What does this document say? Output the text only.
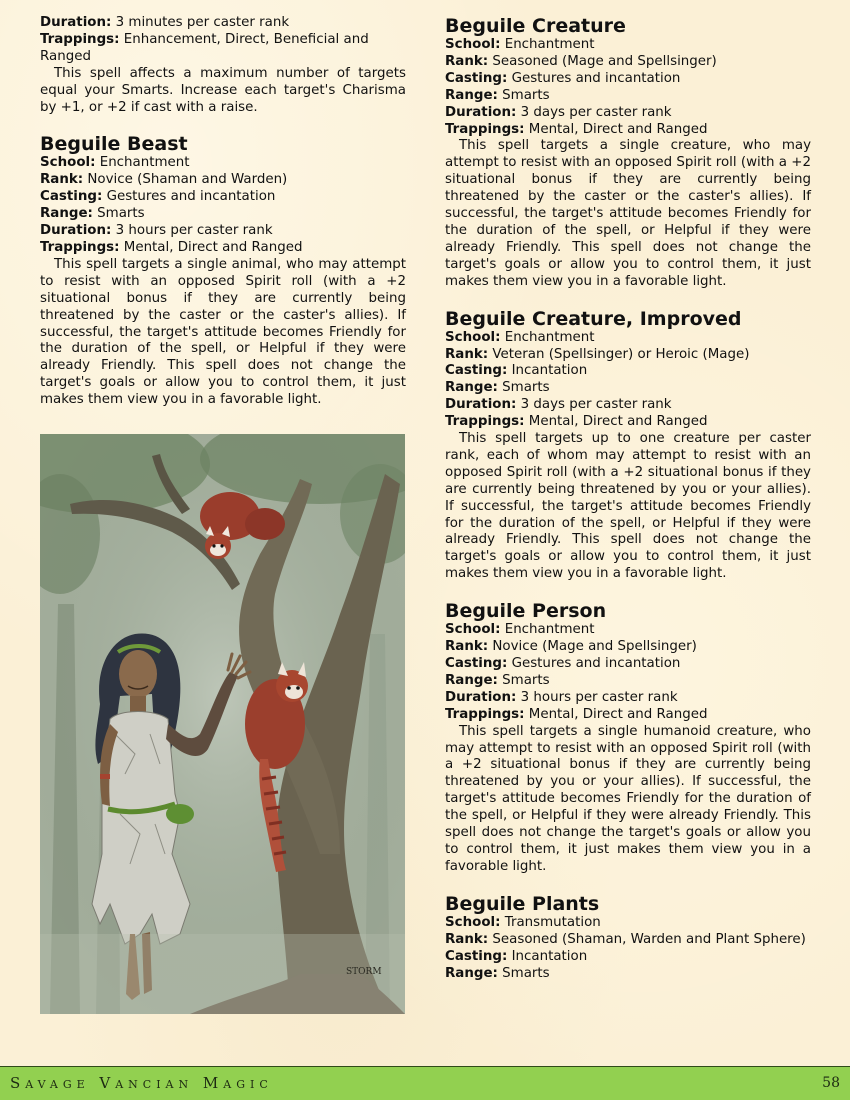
Duration: 3 minutes per caster rank

Trappings: Enhancement, Direct, Beneficial and Ranged

This spell affects a maximum number of targets equal your Smarts. Increase each target's Charisma by +1, or +2 if cast with a raise.

Beguile Beast

School: Enchantment

Rank: Novice (Shaman and Warden)

Casting: Gestures and incantation

Range: Smarts

Duration: 3 hours per caster rank

Trappings: Mental, Direct and Ranged

This spell targets a single animal, who may attempt to resist with an opposed Spirit roll (with a +2 situational bonus if they are currently being threatened by the caster or the caster's allies). If successful, the target's attitude becomes Friendly for the duration of the spell, or Helpful if they were already Friendly. This spell does not change the target's goals or allow you to control them, it just makes them view you in a favorable light.

STORM
Beguile Creature

School: Enchantment

Rank: Seasoned (Mage and Spellsinger)

Casting: Gestures and incantation

Range: Smarts

Duration: 3 days per caster rank

Trappings: Mental, Direct and Ranged

This spell targets a single creature, who may attempt to resist with an opposed Spirit roll (with a +2 situational bonus if they are currently being threatened by the caster or the caster's allies). If successful, the target's attitude becomes Friendly for the duration of the spell, or Helpful if they were already Friendly. This spell does not change the target's goals or allow you to control them, it just makes them view you in a favorable light.

Beguile Creature, Improved

School: Enchantment

Rank: Veteran (Spellsinger) or Heroic (Mage)

Casting: Incantation

Range: Smarts

Duration: 3 days per caster rank

Trappings: Mental, Direct and Ranged

This spell targets up to one creature per caster rank, each of whom may attempt to resist with an opposed Spirit roll (with a +2 situational bonus if they are currently being threatened by you or your allies). If successful, the target's attitude becomes Friendly for the duration of the spell, or Helpful if they were already Friendly. This spell does not change the target's goals or allow you to control them, it just makes them view you in a favorable light.

Beguile Person

School: Enchantment

Rank: Novice (Mage and Spellsinger)

Casting: Gestures and incantation

Range: Smarts

Duration: 3 hours per caster rank

Trappings: Mental, Direct and Ranged

This spell targets a single humanoid creature, who may attempt to resist with an opposed Spirit roll (with a +2 situational bonus if they are currently being threatened by you or your allies). If successful, the target's attitude becomes Friendly for the duration of the spell, or Helpful if they were already Friendly. This spell does not change the target's goals or allow you to control them, it just makes them view you in a favorable light.

Beguile Plants

School: Transmutation

Rank: Seasoned (Shaman, Warden and Plant Sphere)

Casting: Incantation

Range: Smarts

Savage Vancian Magic	58
